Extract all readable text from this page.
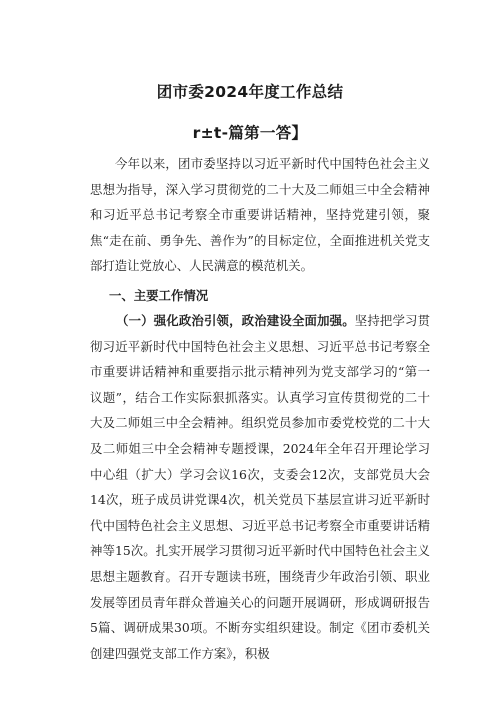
团市委2024年度工作总结
r±t-篇第一答】

今年以来，团市委坚持以习近平新时代中国特色社会主义思想为指导，深入学习贯彻党的二十大及二师姐三中全会精神和习近平总书记考察全市重要讲话精神，坚持党建引领，聚焦“走在前、勇争先、善作为”的目标定位，全面推进机关党支部打造让党放心、人民满意的模范机关。

一、主要工作情况

（一）强化政治引领，政治建设全面加强。坚持把学习贯彻习近平新时代中国特色社会主义思想、习近平总书记考察全市重要讲话精神和重要指示批示精神列为党支部学习的“第一议题”，结合工作实际狠抓落实。认真学习宣传贯彻党的二十大及二师姐三中全会精神。组织党员参加市委党校党的二十大及二师姐三中全会精神专题授课，2024年全年召开理论学习中心组（扩大）学习会议16次，支委会12次，支部党员大会14次，班子成员讲党课4次，机关党员下基层宣讲习近平新时代中国特色社会主义思想、习近平总书记考察全市重要讲话精神等15次。扎实开展学习贯彻习近平新时代中国特色社会主义思想主题教育。召开专题读书班，围绕青少年政治引领、职业发展等团员青年群众普遍关心的问题开展调研，形成调研报告5篇、调研成果30项。不断夯实组织建设。制定《团市委机关创建四强党支部工作方案》，积极
